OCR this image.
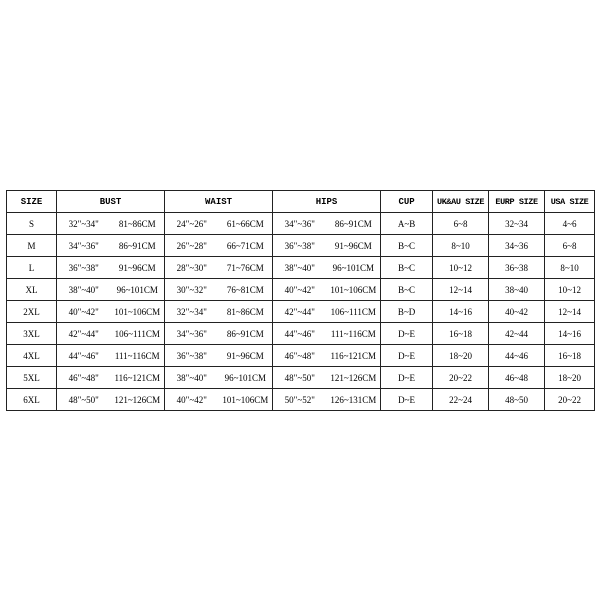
SIZE	BUST		WAIST		HIPS		CUP	UK&AU SIZE	EURP SIZE	USA SIZE
S	32"~34"	81~86CM	24"~26"	61~66CM	34"~36"	86~91CM	A~B	6~8	32~34	4~6
M	34"~36"	86~91CM	26"~28"	66~71CM	36"~38"	91~96CM	B~C	8~10	34~36	6~8
L	36"~38"	91~96CM	28"~30"	71~76CM	38"~40"	96~101CM	B~C	10~12	36~38	8~10
XL	38"~40"	96~101CM	30"~32"	76~81CM	40"~42"	101~106CM	B~C	12~14	38~40	10~12
2XL	40"~42"	101~106CM	32"~34"	81~86CM	42"~44"	106~111CM	B~D	14~16	40~42	12~14
3XL	42"~44"	106~111CM	34"~36"	86~91CM	44"~46"	111~116CM	D~E	16~18	42~44	14~16
4XL	44"~46"	111~116CM	36"~38"	91~96CM	46"~48"	116~121CM	D~E	18~20	44~46	16~18
5XL	46"~48"	116~121CM	38"~40"	96~101CM	48"~50"	121~126CM	D~E	20~22	46~48	18~20
6XL	48"~50"	121~126CM	40"~42"	101~106CM	50"~52"	126~131CM	D~E	22~24	48~50	20~22
